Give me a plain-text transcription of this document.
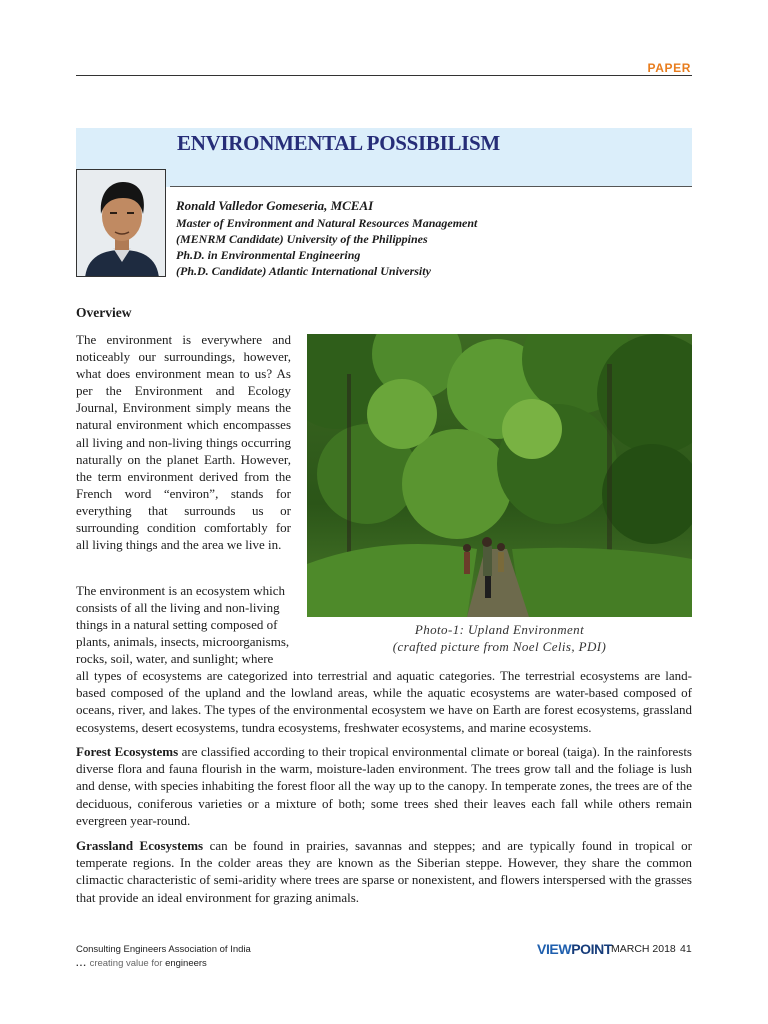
PAPER
ENVIRONMENTAL POSSIBILISM
Ronald Valledor Gomeseria, MCEAI
Master of Environment and Natural Resources Management
(MENRM Candidate) University of the Philippines
Ph.D. in Environmental Engineering
(Ph.D. Candidate) Atlantic International University
Overview

The environment is everywhere and noticeably our surroundings, however, what does environment mean to us? As per the Environment and Ecology Journal, Environment simply means the natural environment which encompasses all living and non-living things occurring naturally on the planet Earth. However, the term environment derived from the French word “environ”, stands for everything that surrounds us or surrounding condition comfortably for all living things and the area we live in.

The environment is an ecosystem which consists of all the living and non-living things in a natural setting composed of plants, animals, insects, microorganisms, rocks, soil, water, and sunlight; where

Photo-1: Upland Environment
(crafted picture from Noel Celis, PDI)

all types of ecosystems are categorized into terrestrial and aquatic categories. The terrestrial ecosystems are land-based composed of the upland and the lowland areas, while the aquatic ecosystems are water-based composed of oceans, river, and lakes. The types of the environmental ecosystem we have on Earth are forest ecosystems, grassland ecosystems, desert ecosystems, tundra ecosystems, freshwater ecosystems, and marine ecosystems.

Forest Ecosystems are classified according to their tropical environmental climate or boreal (taiga). In the rainforests diverse flora and fauna flourish in the warm, moisture-laden environment. The trees grow tall and the foliage is lush and dense, with species inhabiting the forest floor all the way up to the canopy. In temperate zones, the trees are of the deciduous, coniferous varieties or a mixture of both; some trees shed their leaves each fall while others remain evergreen year-round.

Grassland Ecosystems can be found in prairies, savannas and steppes; and are typically found in tropical or temperate regions. In the colder areas they are known as the Siberian steppe. However, they share the common climactic characteristic of semi-aridity where trees are sparse or nonexistent, and flowers interspersed with the grasses that provide an ideal environment for grazing animals.

Consulting Engineers Association of India
... creating value for engineers
VIEWPOINT MARCH 2018 41
